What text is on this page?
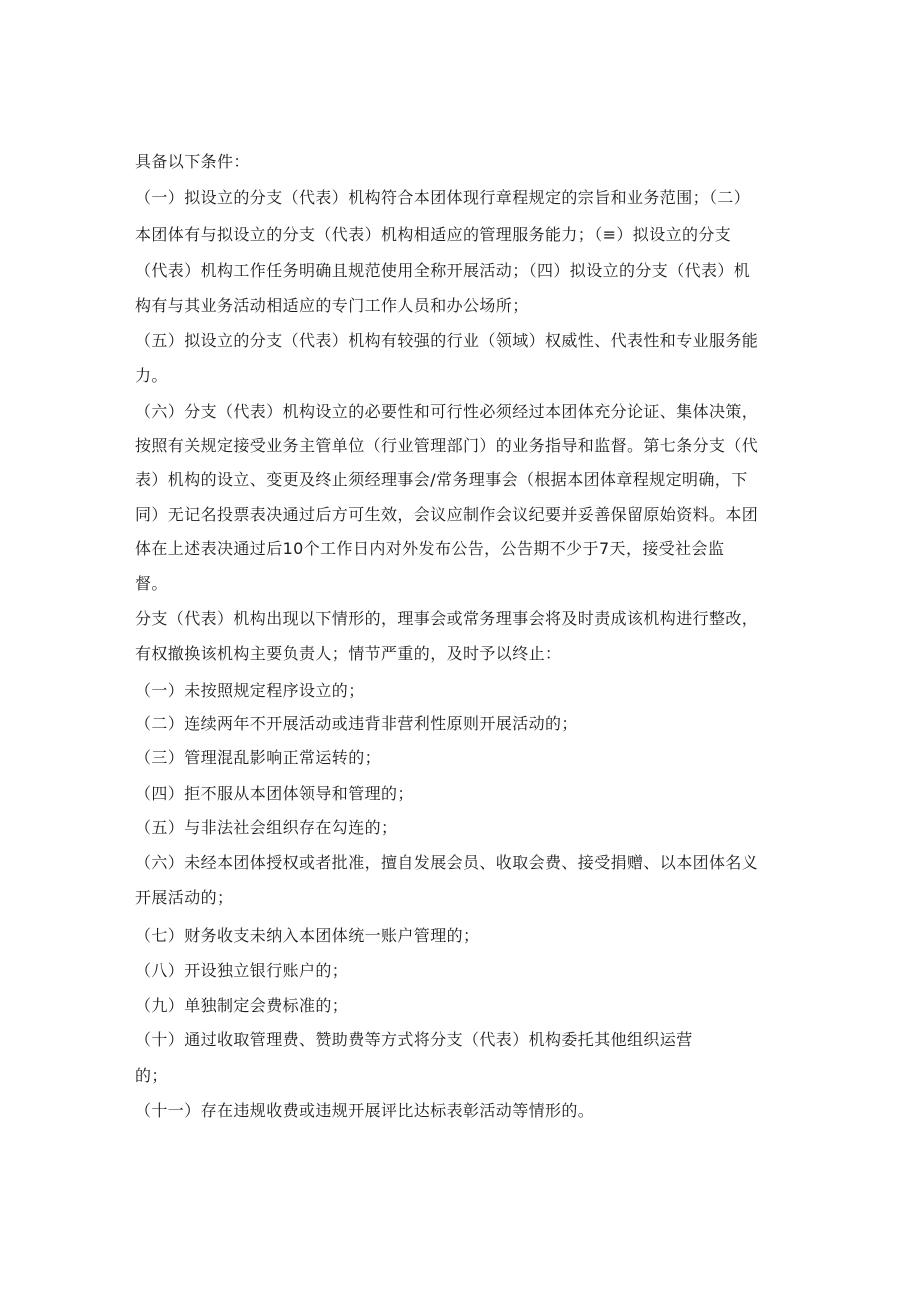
具备以下条件：
（一）拟设立的分支（代表）机构符合本团体现行章程规定的宗旨和业务范围；（二）
本团体有与拟设立的分支（代表）机构相适应的管理服务能力；（≡）拟设立的分支
（代表）机构工作任务明确且规范使用全称开展活动；（四）拟设立的分支（代表）机
构有与其业务活动相适应的专门工作人员和办公场所；
（五）拟设立的分支（代表）机构有较强的行业（领域）权威性、代表性和专业服务能
力。
（六）分支（代表）机构设立的必要性和可行性必须经过本团体充分论证、集体决策，
按照有关规定接受业务主管单位（行业管理部门）的业务指导和监督。第七条分支（代
表）机构的设立、变更及终止须经理事会/常务理事会（根据本团体章程规定明确，下
同）无记名投票表决通过后方可生效，会议应制作会议纪要并妥善保留原始资料。本团
体在上述表决通过后10个工作日内对外发布公告，公告期不少于7天，接受社会监
督。
分支（代表）机构出现以下情形的，理事会或常务理事会将及时责成该机构进行整改，
有权撤换该机构主要负责人；情节严重的，及时予以终止：
（一）未按照规定程序设立的；
（二）连续两年不开展活动或违背非营利性原则开展活动的；
（三）管理混乱影响正常运转的；
（四）拒不服从本团体领导和管理的；
（五）与非法社会组织存在勾连的；
（六）未经本团体授权或者批准，擅自发展会员、收取会费、接受捐赠、以本团体名义
开展活动的；
（七）财务收支未纳入本团体统一账户管理的；
（八）开设独立银行账户的；
（九）单独制定会费标准的；
（十）通过收取管理费、赞助费等方式将分支（代表）机构委托其他组织运营
的；
（十一）存在违规收费或违规开展评比达标表彰活动等情形的。
